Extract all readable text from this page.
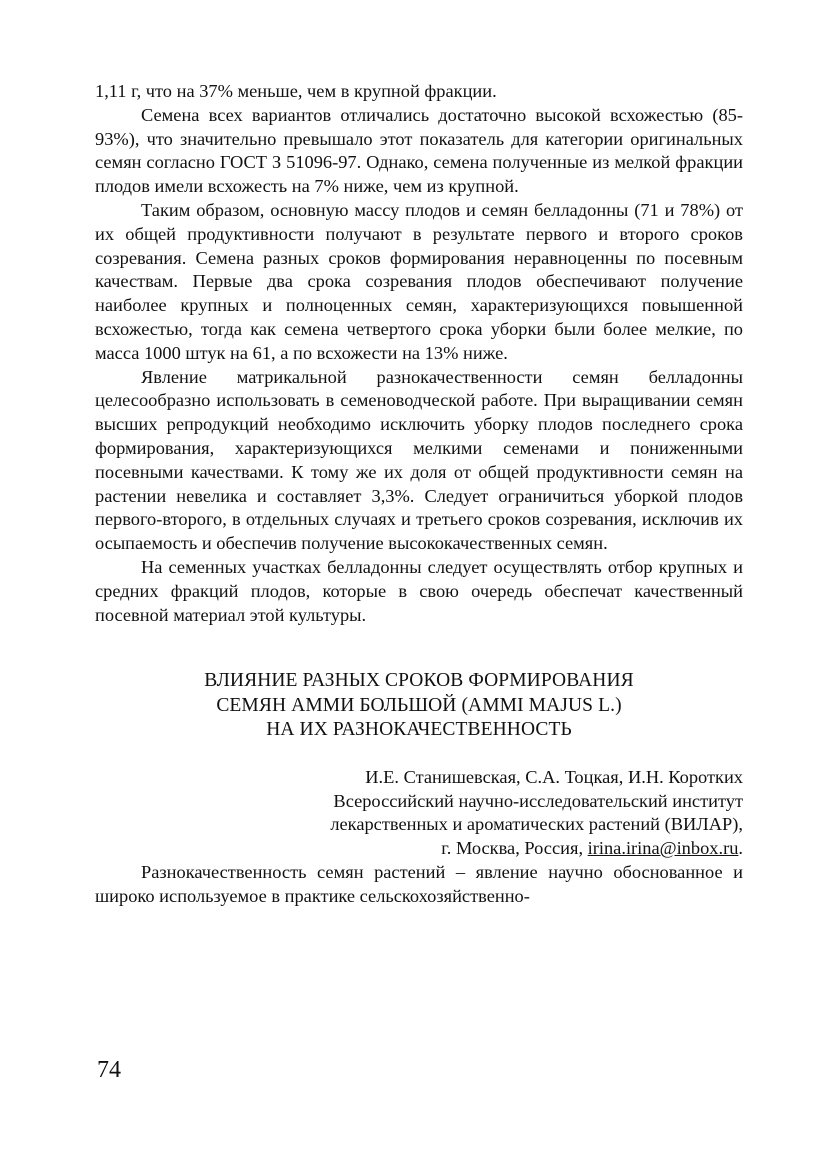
1,11 г, что на 37% меньше, чем в крупной фракции.

Семена всех вариантов отличались достаточно высокой всхожестью (85-93%), что значительно превышало этот показатель для категории оригинальных семян согласно ГОСТ З 51096-97. Однако, семена полученные из мелкой фракции плодов имели всхожесть на 7% ниже, чем из крупной.

Таким образом, основную массу плодов и семян белладонны (71 и 78%) от их общей продуктивности получают в результате первого и второго сроков созревания. Семена разных сроков формирования неравноценны по посевным качествам. Первые два срока созревания плодов обеспечивают получение наиболее крупных и полноценных семян, характеризующихся повышенной всхожестью, тогда как семена четвертого срока уборки были более мелкие, по масса 1000 штук на 61, а по всхожести на 13% ниже.

Явление матрикальной разнокачественности семян белладонны целесообразно использовать в семеноводческой работе. При выращивании семян высших репродукций необходимо исключить уборку плодов последнего срока формирования, характеризующихся мелкими семенами и пониженными посевными качествами. К тому же их доля от общей продуктивности семян на растении невелика и составляет 3,3%. Следует ограничиться уборкой плодов первого-второго, в отдельных случаях и третьего сроков созревания, исключив их осыпаемость и обеспечив получение высококачественных семян.

На семенных участках белладонны следует осуществлять отбор крупных и средних фракций плодов, которые в свою очередь обеспечат качественный посевной материал этой культуры.

ВЛИЯНИЕ РАЗНЫХ СРОКОВ ФОРМИРОВАНИЯ
СЕМЯН АММИ БОЛЬШОЙ (AMMI MAJUS L.)
НА ИХ РАЗНОКАЧЕСТВЕННОСТЬ
И.Е. Станишевская, С.А. Тоцкая, И.Н. Коротких
Всероссийский научно-исследовательский институт
лекарственных и ароматических растений (ВИЛАР),
г. Москва, Россия, irina.irina@inbox.ru.

Разнокачественность семян растений – явление научно обоснованное и широко используемое в практике сельскохозяйственно-

74
